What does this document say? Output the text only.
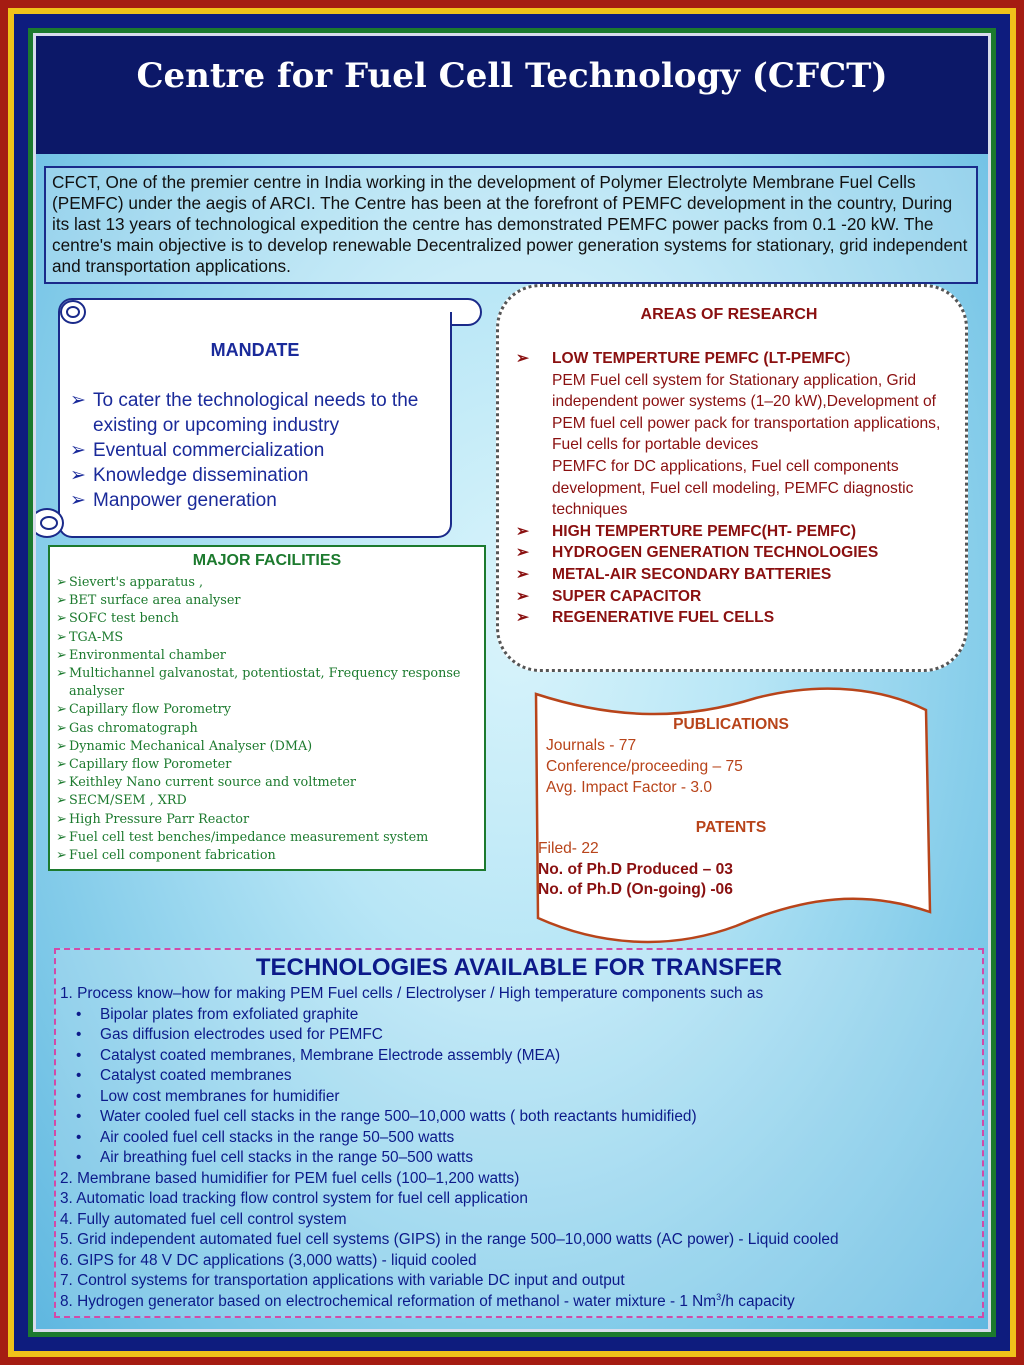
Centre for Fuel Cell Technology (CFCT)

CFCT, One of the premier centre in India working in the development of Polymer Electrolyte Membrane Fuel Cells (PEMFC) under the aegis of ARCI. The Centre has been at the forefront of PEMFC development in the country, During its last 13 years of technological expedition the centre has demonstrated PEMFC power packs from 0.1 -20 kW. The centre's main objective is to develop renewable Decentralized power generation systems for stationary, grid independent and transportation applications.

MANDATE
➢ To cater the technological needs to the existing or upcoming industry
➢ Eventual commercialization
➢ Knowledge dissemination
➢ Manpower generation
AREAS OF RESEARCH
➢ LOW TEMPERTURE PEMFC (LT-PEMFC)
PEM Fuel cell system for Stationary application, Grid independent power systems (1–20 kW),Development of PEM fuel cell power pack for transportation applications, Fuel cells for portable devices
PEMFC for DC applications, Fuel cell components development, Fuel cell modeling, PEMFC diagnostic techniques
➢ HIGH TEMPERTURE PEMFC(HT- PEMFC)
➢ HYDROGEN GENERATION TECHNOLOGIES
➢ METAL-AIR SECONDARY BATTERIES
➢ SUPER CAPACITOR
➢ REGENERATIVE FUEL CELLS
MAJOR FACILITIES
➢ Sievert's apparatus ,
➢ BET surface area analyser
➢ SOFC test bench
➢ TGA-MS
➢ Environmental chamber
➢ Multichannel galvanostat, potentiostat, Frequency response analyser
➢ Capillary flow Porometry
➢ Gas chromatograph
➢ Dynamic Mechanical Analyser (DMA)
➢ Capillary flow Porometer
➢ Keithley Nano current source and voltmeter
➢ SECM/SEM , XRD
➢ High Pressure Parr Reactor
➢ Fuel cell test benches/impedance measurement system
➢ Fuel cell component fabrication

PUBLICATIONS

Journals - 77

Conference/proceeding – 75

Avg. Impact Factor - 3.0

PATENTS

Filed- 22

No. of Ph.D Produced – 03

No. of Ph.D (On-going) -06

TECHNOLOGIES AVAILABLE FOR TRANSFER
1. Process know–how for making PEM Fuel cells / Electrolyser / High temperature components such as
• Bipolar plates from exfoliated graphite
• Gas diffusion electrodes used for PEMFC
• Catalyst coated membranes, Membrane Electrode assembly (MEA)
• Catalyst coated membranes
• Low cost membranes for humidifier
• Water cooled fuel cell stacks in the range 500–10,000 watts ( both reactants humidified)
• Air cooled fuel cell stacks in the range 50–500 watts
• Air breathing fuel cell stacks in the range 50–500 watts
2. Membrane based humidifier for PEM fuel cells (100–1,200 watts)
3. Automatic load tracking flow control system for fuel cell application
4. Fully automated fuel cell control system
5. Grid independent automated fuel cell systems (GIPS) in the range 500–10,000 watts (AC power) - Liquid cooled
6. GIPS for 48 V DC applications (3,000 watts) - liquid cooled
7. Control systems for transportation applications with variable DC input and output
8. Hydrogen generator based on electrochemical reformation of methanol - water mixture - 1 Nm$^3$/h capacity
